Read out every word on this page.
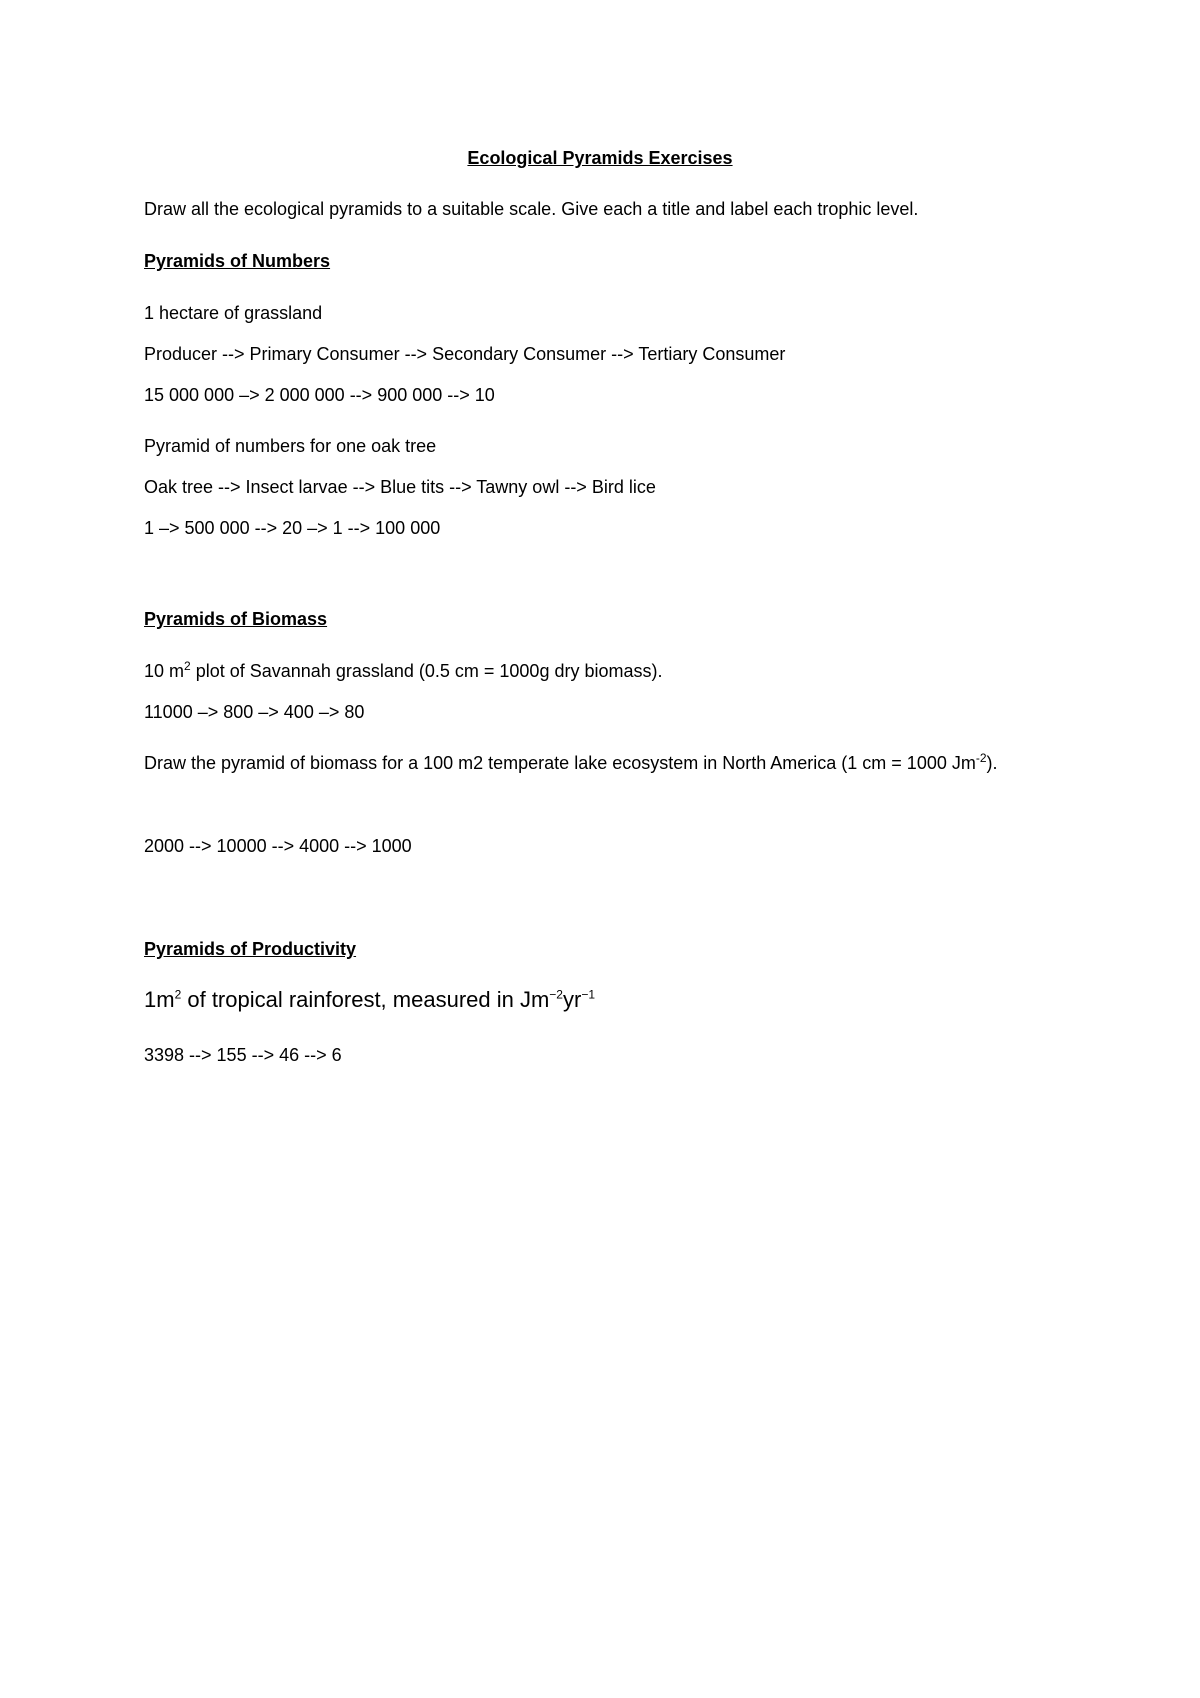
Ecological Pyramids Exercises
Draw all the ecological pyramids to a suitable scale. Give each a title and label each trophic level.
Pyramids of Numbers
1 hectare of grassland
Producer --> Primary Consumer --> Secondary Consumer --> Tertiary Consumer
15 000 000 –> 2 000 000 --> 900 000 --> 10
Pyramid of numbers for one oak tree
Oak tree --> Insect larvae --> Blue tits --> Tawny owl --> Bird lice
1 –> 500 000 --> 20 –> 1 --> 100 000
Pyramids of Biomass
10 $m^2$ plot of Savannah grassland (0.5 cm = 1000g dry biomass).
11000 –> 800 –> 400 –> 80
Draw the pyramid of biomass for a 100 m2 temperate lake ecosystem in North America (1 cm = 1000 $Jm^{-2}$).
2000 --> 10000 --> 4000 --> 1000
Pyramids of Productivity
$1m^2$ of tropical rainforest, measured in $Jm^{-2}yr^{-1}$
3398 --> 155 --> 46 --> 6
